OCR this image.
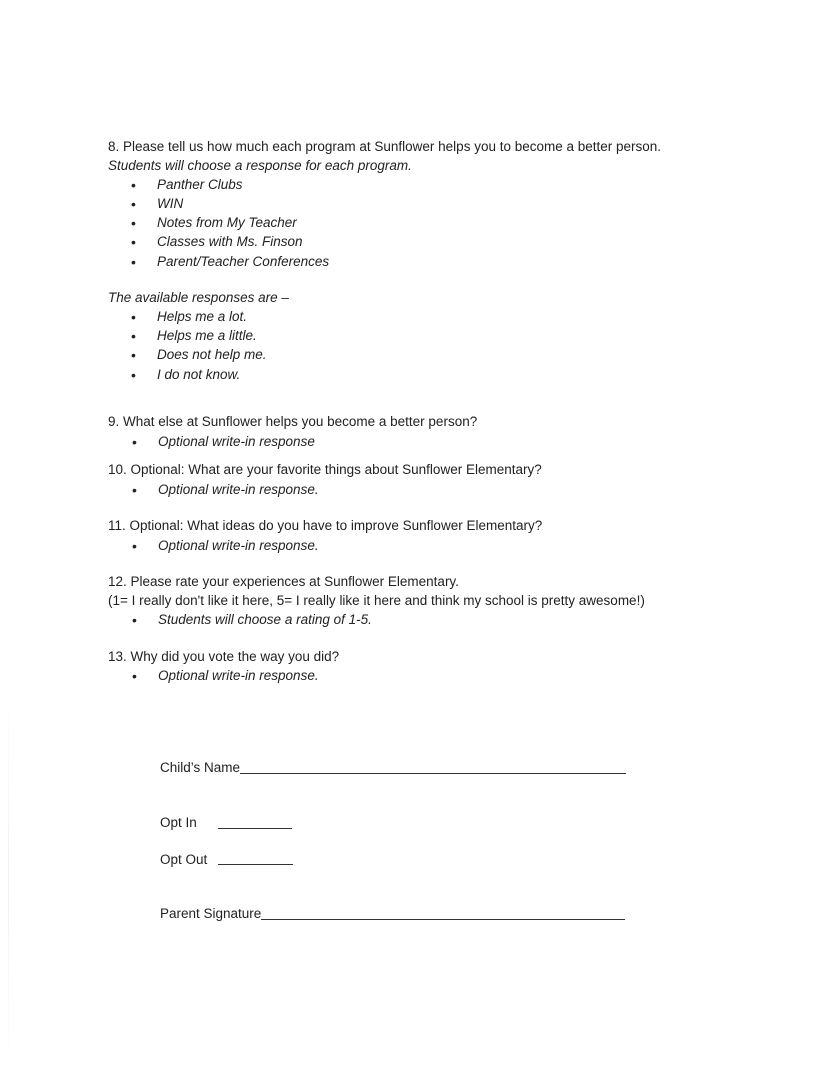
8. Please tell us how much each program at Sunflower helps you to become a better person.
Students will choose a response for each program.
• Panther Clubs
• WIN
• Notes from My Teacher
• Classes with Ms. Finson
• Parent/Teacher Conferences
The available responses are –
• Helps me a lot.
• Helps me a little.
• Does not help me.
• I do not know.
9. What else at Sunflower helps you become a better person?
• Optional write-in response
10. Optional: What are your favorite things about Sunflower Elementary?
• Optional write-in response.
11. Optional: What ideas do you have to improve Sunflower Elementary?
• Optional write-in response.
12. Please rate your experiences at Sunflower Elementary.
(1= I really don't like it here, 5= I really like it here and think my school is pretty awesome!)
• Students will choose a rating of 1-5.
13. Why did you vote the way you did?
• Optional write-in response.
Child’s Name
Opt In
Opt Out
Parent Signature
